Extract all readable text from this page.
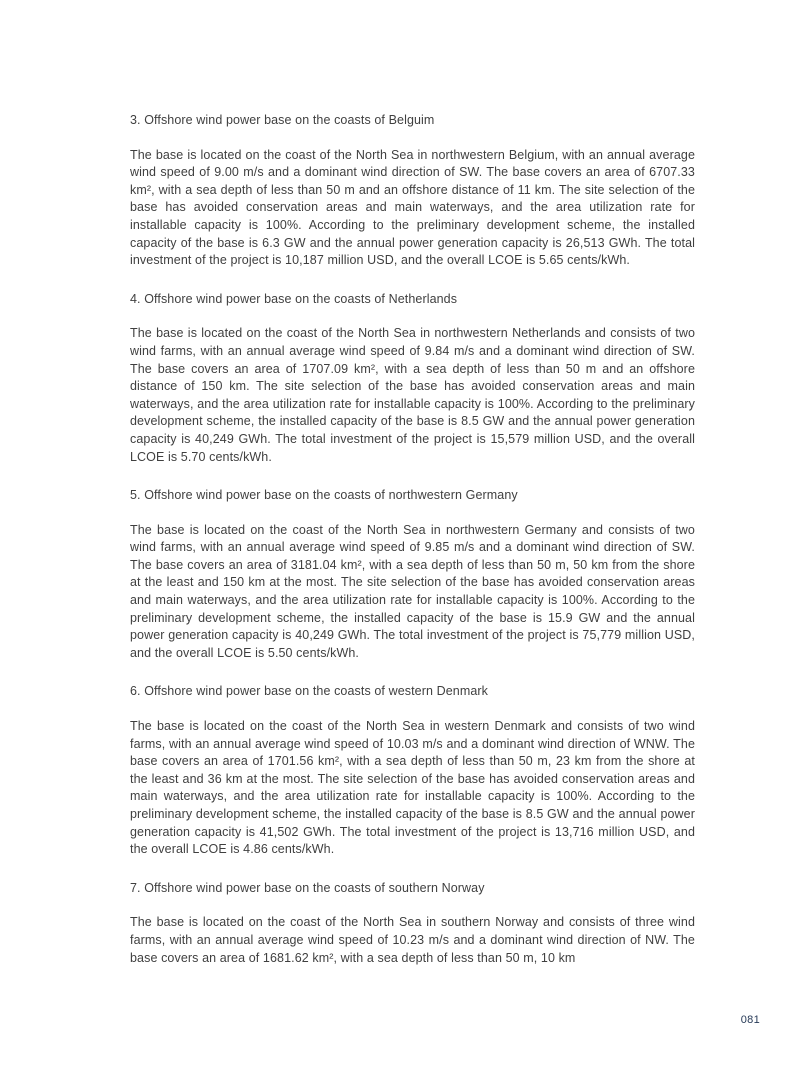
3. Offshore wind power base on the coasts of Belguim

The base is located on the coast of the North Sea in northwestern Belgium, with an annual average wind speed of 9.00 m/s and a dominant wind direction of SW. The base covers an area of 6707.33 km², with a sea depth of less than 50 m and an offshore distance of 11 km. The site selection of the base has avoided conservation areas and main waterways, and the area utilization rate for installable capacity is 100%. According to the preliminary development scheme, the installed capacity of the base is 6.3 GW and the annual power generation capacity is 26,513 GWh. The total investment of the project is 10,187 million USD, and the overall LCOE is 5.65 cents/kWh.

4. Offshore wind power base on the coasts of Netherlands

The base is located on the coast of the North Sea in northwestern Netherlands and consists of two wind farms, with an annual average wind speed of 9.84 m/s and a dominant wind direction of SW. The base covers an area of 1707.09 km², with a sea depth of less than 50 m and an offshore distance of 150 km. The site selection of the base has avoided conservation areas and main waterways, and the area utilization rate for installable capacity is 100%. According to the preliminary development scheme, the installed capacity of the base is 8.5 GW and the annual power generation capacity is 40,249 GWh. The total investment of the project is 15,579 million USD, and the overall LCOE is 5.70 cents/kWh.

5. Offshore wind power base on the coasts of northwestern Germany

The base is located on the coast of the North Sea in northwestern Germany and consists of two wind farms, with an annual average wind speed of 9.85 m/s and a dominant wind direction of SW. The base covers an area of 3181.04 km², with a sea depth of less than 50 m, 50 km from the shore at the least and 150 km at the most. The site selection of the base has avoided conservation areas and main waterways, and the area utilization rate for installable capacity is 100%. According to the preliminary development scheme, the installed capacity of the base is 15.9 GW and the annual power generation capacity is 40,249 GWh. The total investment of the project is 75,779 million USD, and the overall LCOE is 5.50 cents/kWh.

6. Offshore wind power base on the coasts of western Denmark

The base is located on the coast of the North Sea in western Denmark and consists of two wind farms, with an annual average wind speed of 10.03 m/s and a dominant wind direction of WNW. The base covers an area of 1701.56 km², with a sea depth of less than 50 m, 23 km from the shore at the least and 36 km at the most. The site selection of the base has avoided conservation areas and main waterways, and the area utilization rate for installable capacity is 100%. According to the preliminary development scheme, the installed capacity of the base is 8.5 GW and the annual power generation capacity is 41,502 GWh. The total investment of the project is 13,716 million USD, and the overall LCOE is 4.86 cents/kWh.

7. Offshore wind power base on the coasts of southern Norway

The base is located on the coast of the North Sea in southern Norway and consists of three wind farms, with an annual average wind speed of 10.23 m/s and a dominant wind direction of NW. The base covers an area of 1681.62 km², with a sea depth of less than 50 m, 10 km

081
